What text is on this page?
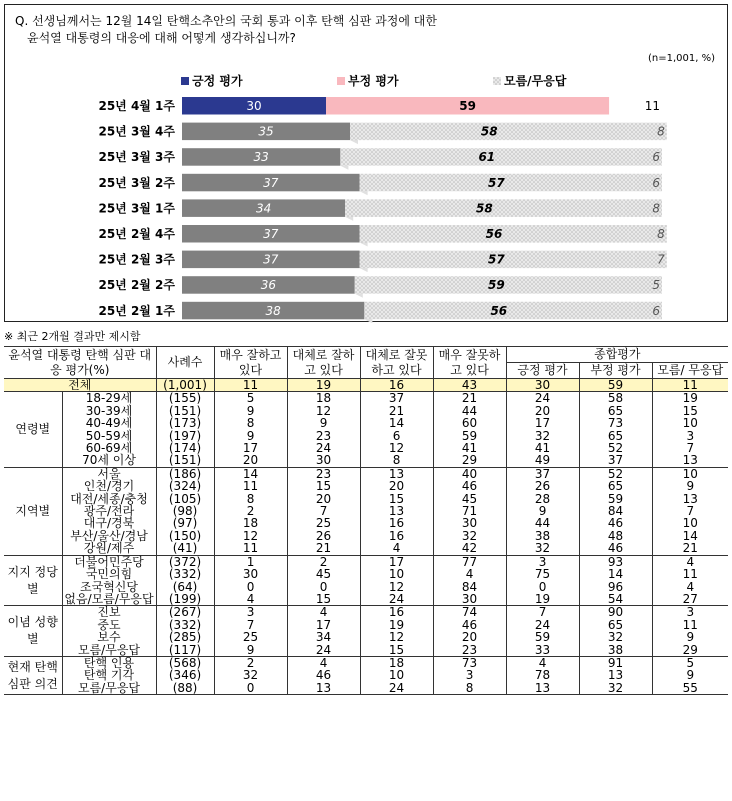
Q. 선생님께서는 12월 14일 탄핵소추안의 국회 통과 이후 탄핵 심판 과정에 대한
윤석열 대통령의 대응에 대해 어떻게 생각하십니까?
(n=1,001, %)
긍정 평가	부정 평가	모름/무응답
25년 4월 1주	30	59	11
25년 3월 4주	35	58	8
25년 3월 3주	33	61	6
25년 3월 2주	37	57	6
25년 3월 1주	34	58	8
25년 2월 4주	37	56	8
25년 2월 3주	37	57	7
25년 2월 2주	36	59	5
25년 2월 1주	38	56	6
※ 최근 2개월 결과만 제시함
윤석열 대통령 탄핵 심판 대응 평가(%)		사례수	매우 잘하고 있다	대체로 잘하고 있다	대체로 잘못하고 있다	매우 잘못하고 있다	종합평가		
							긍정 평가	부정 평가	모름/ 무응답
전체		(1,001)	11	19	16	43	30	59	11
연령별	18-29세	(155)	5	18	37	21	24	58	19
	30-39세	(151)	9	12	21	44	20	65	15
	40-49세	(173)	8	9	14	60	17	73	10
	50-59세	(197)	9	23	6	59	32	65	3
	60-69세	(174)	17	24	12	41	41	52	7
	70세 이상	(151)	20	30	8	29	49	37	13
지역별	서울	(186)	14	23	13	40	37	52	10
	인천/경기	(324)	11	15	20	46	26	65	9
	대전/세종/충청	(105)	8	20	15	45	28	59	13
	광주/전라	(98)	2	7	13	71	9	84	7
	대구/경북	(97)	18	25	16	30	44	46	10
	부산/울산/경남	(150)	12	26	16	32	38	48	14
	강원/제주	(41)	11	21	4	42	32	46	21
지지 정당별	더불어민주당	(372)	1	2	17	77	3	93	4
	국민의힘	(332)	30	45	10	4	75	14	11
	조국혁신당	(64)	0	0	12	84	0	96	4
	없음/모름/무응답	(199)	4	15	24	30	19	54	27
이념 성향별	진보	(267)	3	4	16	74	7	90	3
	중도	(332)	7	17	19	46	24	65	11
	보수	(285)	25	34	12	20	59	32	9
	모름/무응답	(117)	9	24	15	23	33	38	29
현재 탄핵 심판 의견	탄핵 인용	(568)	2	4	18	73	4	91	5
	탄핵 기각	(346)	32	46	10	3	78	13	9
	모름/무응답	(88)	0	13	24	8	13	32	55
